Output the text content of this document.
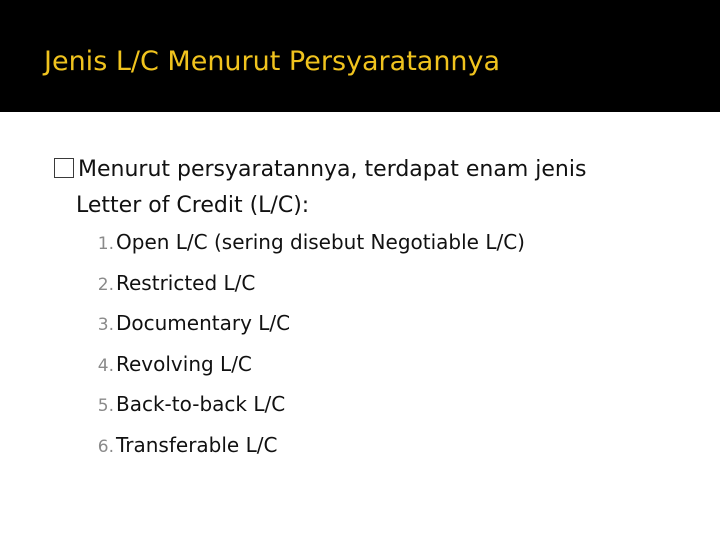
Jenis L/C Menurut Persyaratannya
Menurut persyaratannya, terdapat enam jenis
Letter of Credit (L/C):
1. Open L/C (sering disebut Negotiable L/C)
2. Restricted L/C
3. Documentary L/C
4. Revolving L/C
5. Back-to-back L/C
6. Transferable L/C
